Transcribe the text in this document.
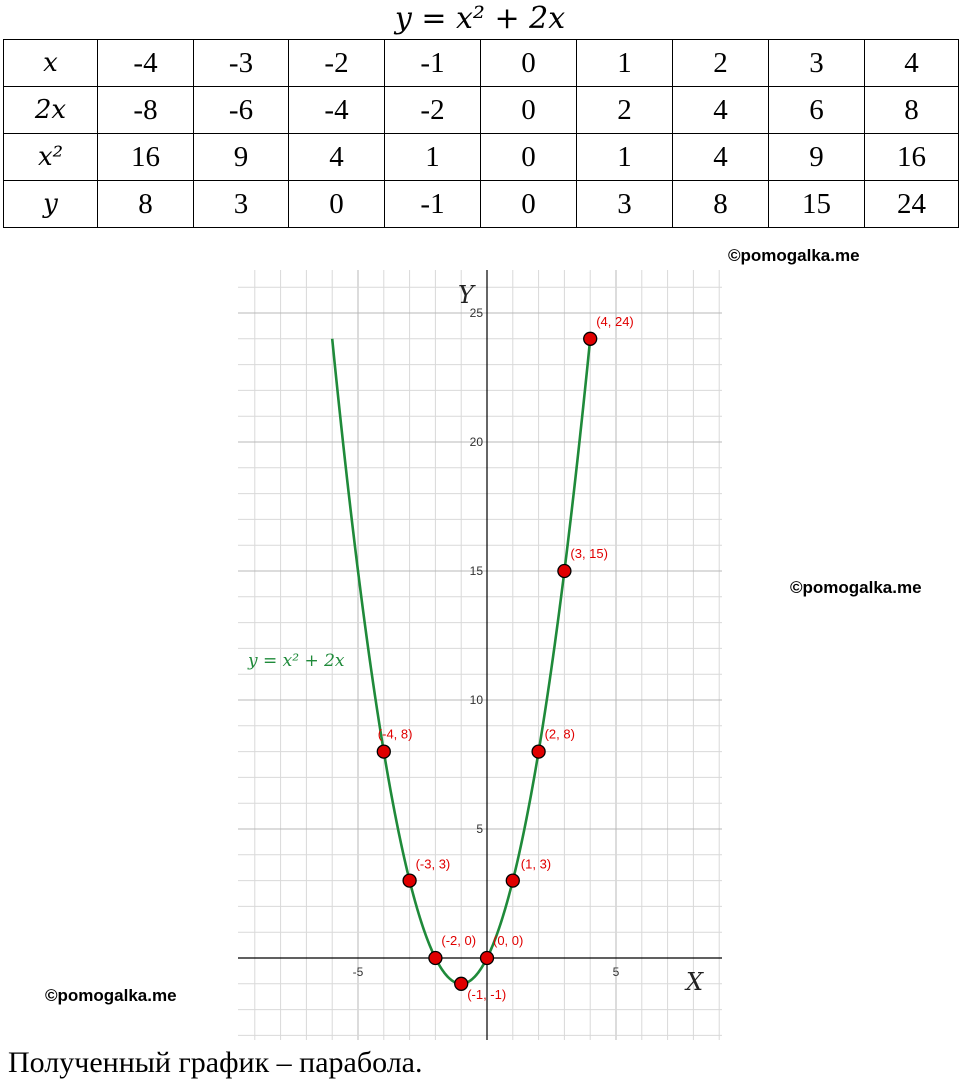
y = x² + 2x
x	-4	-3	-2	-1	0	1	2	3	4
2x	-8	-6	-4	-2	0	2	4	6	8
x²	16	9	4	1	0	1	4	9	16
y	8	3	0	-1	0	3	8	15	24
©pomogalka.me
©pomogalka.me
©pomogalka.me
-5	5
5
10
15
20
25
X
Y
y = x² + 2x
(-4, 8)
(-3, 3)
(-2, 0)
(-1, -1)
(0, 0)
(1, 3)
(2, 8)
(3, 15)
(4, 24)
Полученный график – парабола.
